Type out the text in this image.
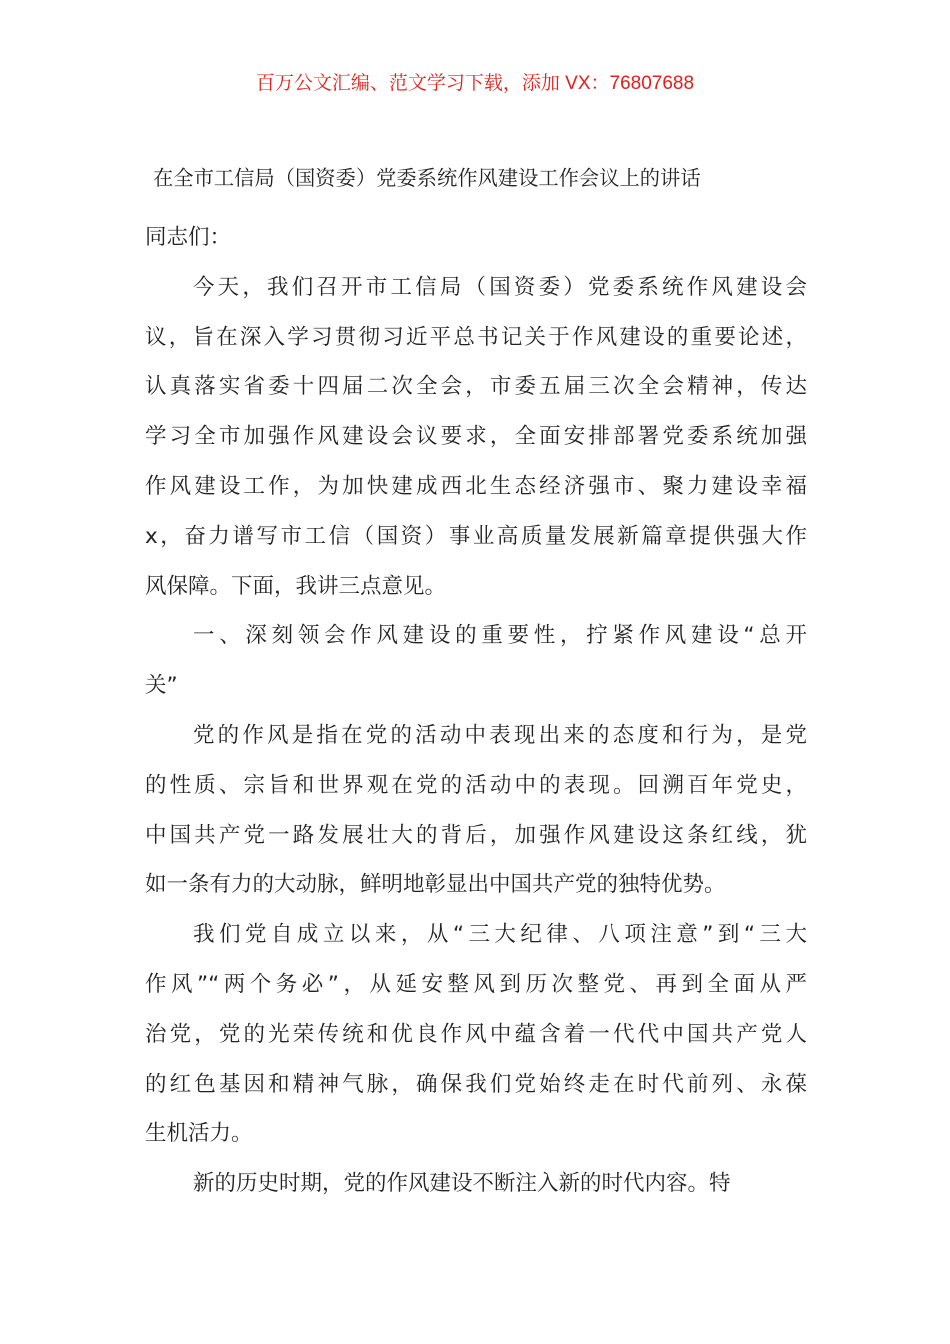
百万公文汇编、范文学习下载，添加 VX：76807688
在全市工信局（国资委）党委系统作风建设工作会议上的讲话
同志们：
今天，我们召开市工信局（国资委）党委系统作风建设会
议，旨在深入学习贯彻习近平总书记关于作风建设的重要论述，
认真落实省委十四届二次全会，市委五届三次全会精神，传达
学习全市加强作风建设会议要求，全面安排部署党委系统加强
作风建设工作，为加快建成西北生态经济强市、聚力建设幸福
x，奋力谱写市工信（国资）事业高质量发展新篇章提供强大作
风保障。下面，我讲三点意见。
一、深刻领会作风建设的重要性，拧紧作风建设“总开
关”
党的作风是指在党的活动中表现出来的态度和行为，是党
的性质、宗旨和世界观在党的活动中的表现。回溯百年党史，
中国共产党一路发展壮大的背后，加强作风建设这条红线，犹
如一条有力的大动脉，鲜明地彰显出中国共产党的独特优势。
我们党自成立以来，从“三大纪律、八项注意”到“三大
作风”“两个务必”，从延安整风到历次整党、再到全面从严
治党，党的光荣传统和优良作风中蕴含着一代代中国共产党人
的红色基因和精神气脉，确保我们党始终走在时代前列、永葆
生机活力。
新的历史时期，党的作风建设不断注入新的时代内容。特
